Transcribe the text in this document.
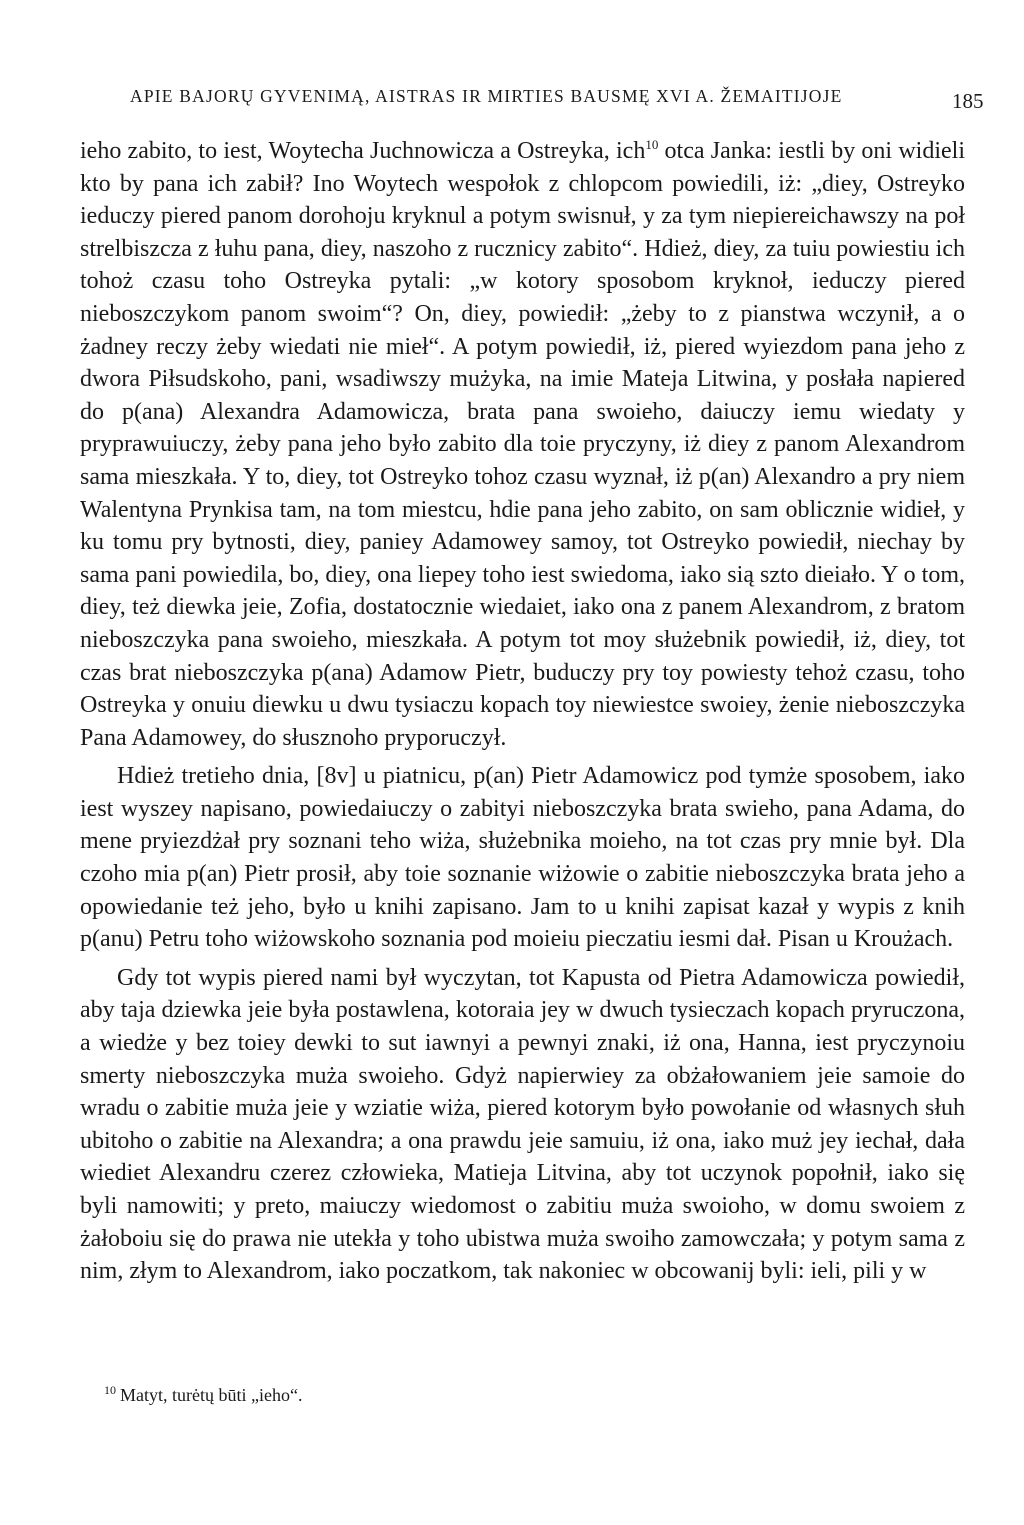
APIE BAJORŲ GYVENIMĄ, AISTRAS IR MIRTIES BAUSMĘ XVI A. ŽEMAITIJOJE	185

ieho zabito, to iest, Woytecha Juchnowicza a Ostreyka, ich$^{10}$ otca Janka: iestli by oni widieli kto by pana ich zabił? Ino Woytech wespołok z chlopcom powiedili, iż: „diey, Ostreyko ieduczy piered panom dorohoju kryknul a potym swisnuł, y za tym niepiereichawszy na poł strelbiszcza z łuhu pana, diey, naszoho z rucznicy zabito“. Hdież, diey, za tuiu powiestiu ich tohoż czasu toho Ostreyka pytali: „w kotory sposobom kryknoł, ieduczy piered nieboszczykom panom swoim“? On, diey, powiedił: „żeby to z pianstwa wczynił, a o żadney reczy żeby wiedati nie mieł“. A potym powiedił, iż, piered wyiezdom pana jeho z dwora Piłsudskoho, pani, wsadiwszy mużyka, na imie Mateja Litwina, y posłała napiered do p(ana) Alexandra Adamowicza, brata pana swoieho, daiuczy iemu wiedaty y pryprawuiuczy, żeby pana jeho było zabito dla toie pryczyny, iż diey z panom Alexandrom sama mieszkała. Y to, diey, tot Ostreyko tohoz czasu wyznał, iż p(an) Alexandro a pry niem Walentyna Prynkisa tam, na tom miestcu, hdie pana jeho zabito, on sam oblicznie widieł, y ku tomu pry bytnosti, diey, paniey Adamowey samoy, tot Ostreyko powiedił, niechay by sama pani powiedila, bo, diey, ona liepey toho iest swiedoma, iako sią szto dieiało. Y o tom, diey, też diewka jeie, Zofia, dostatocznie wiedaiet, iako ona z panem Alexandrom, z bratom nieboszczyka pana swoieho, mieszkała. A potym tot moy służebnik powiedił, iż, diey, tot czas brat nieboszczyka p(ana) Adamow Pietr, buduczy pry toy powiesty tehoż czasu, toho Ostreyka y onuiu diewku u dwu tysiaczu kopach toy niewiestce swoiey, żenie nieboszczyka Pana Adamowey, do słusznoho pryporuczył.

Hdież tretieho dnia, [8v] u piatnicu, p(an) Pietr Adamowicz pod tymże sposobem, iako iest wyszey napisano, powiedaiuczy o zabityi nieboszczyka brata swieho, pana Adama, do mene pryiezdżał pry soznani teho wiża, służebnika moieho, na tot czas pry mnie był. Dla czoho mia p(an) Pietr prosił, aby toie soznanie wiżowie o zabitie nieboszczyka brata jeho a opowiedanie też jeho, było u knihi zapisano. Jam to u knihi zapisat kazał y wypis z knih p(anu) Petru toho wiżowskoho soznania pod moieiu pieczatiu iesmi dał. Pisan u Kroużach.

Gdy tot wypis piered nami był wyczytan, tot Kapusta od Pietra Adamowicza powiedił, aby taja dziewka jeie była postawlena, kotoraia jey w dwuch tysieczach kopach pryruczona, a wiedże y bez toiey dewki to sut iawnyi a pewnyi znaki, iż ona, Hanna, iest pryczynoiu smerty nieboszczyka muża swoieho. Gdyż napierwiey za obżałowaniem jeie samoie do wradu o zabitie muża jeie y wziatie wiża, piered kotorym było powołanie od własnych słuh ubitoho o zabitie na Alexandra; a ona prawdu jeie samuiu, iż ona, iako muż jey iechał, dała wiediet Alexandru czerez człowieka, Matieja Litvina, aby tot uczynok popołnił, iako się byli namowiti; y preto, maiuczy wiedomost o zabitiu muża swoioho, w domu swoiem z żałoboiu się do prawa nie utekła y toho ubistwa muża swoiho zamowczała; y potym sama z nim, złym to Alexandrom, iako poczatkom, tak nakoniec w obcowanij byli: ieli, pili y w

$^{10}$ Matyt, turėtų būti „ieho“.
